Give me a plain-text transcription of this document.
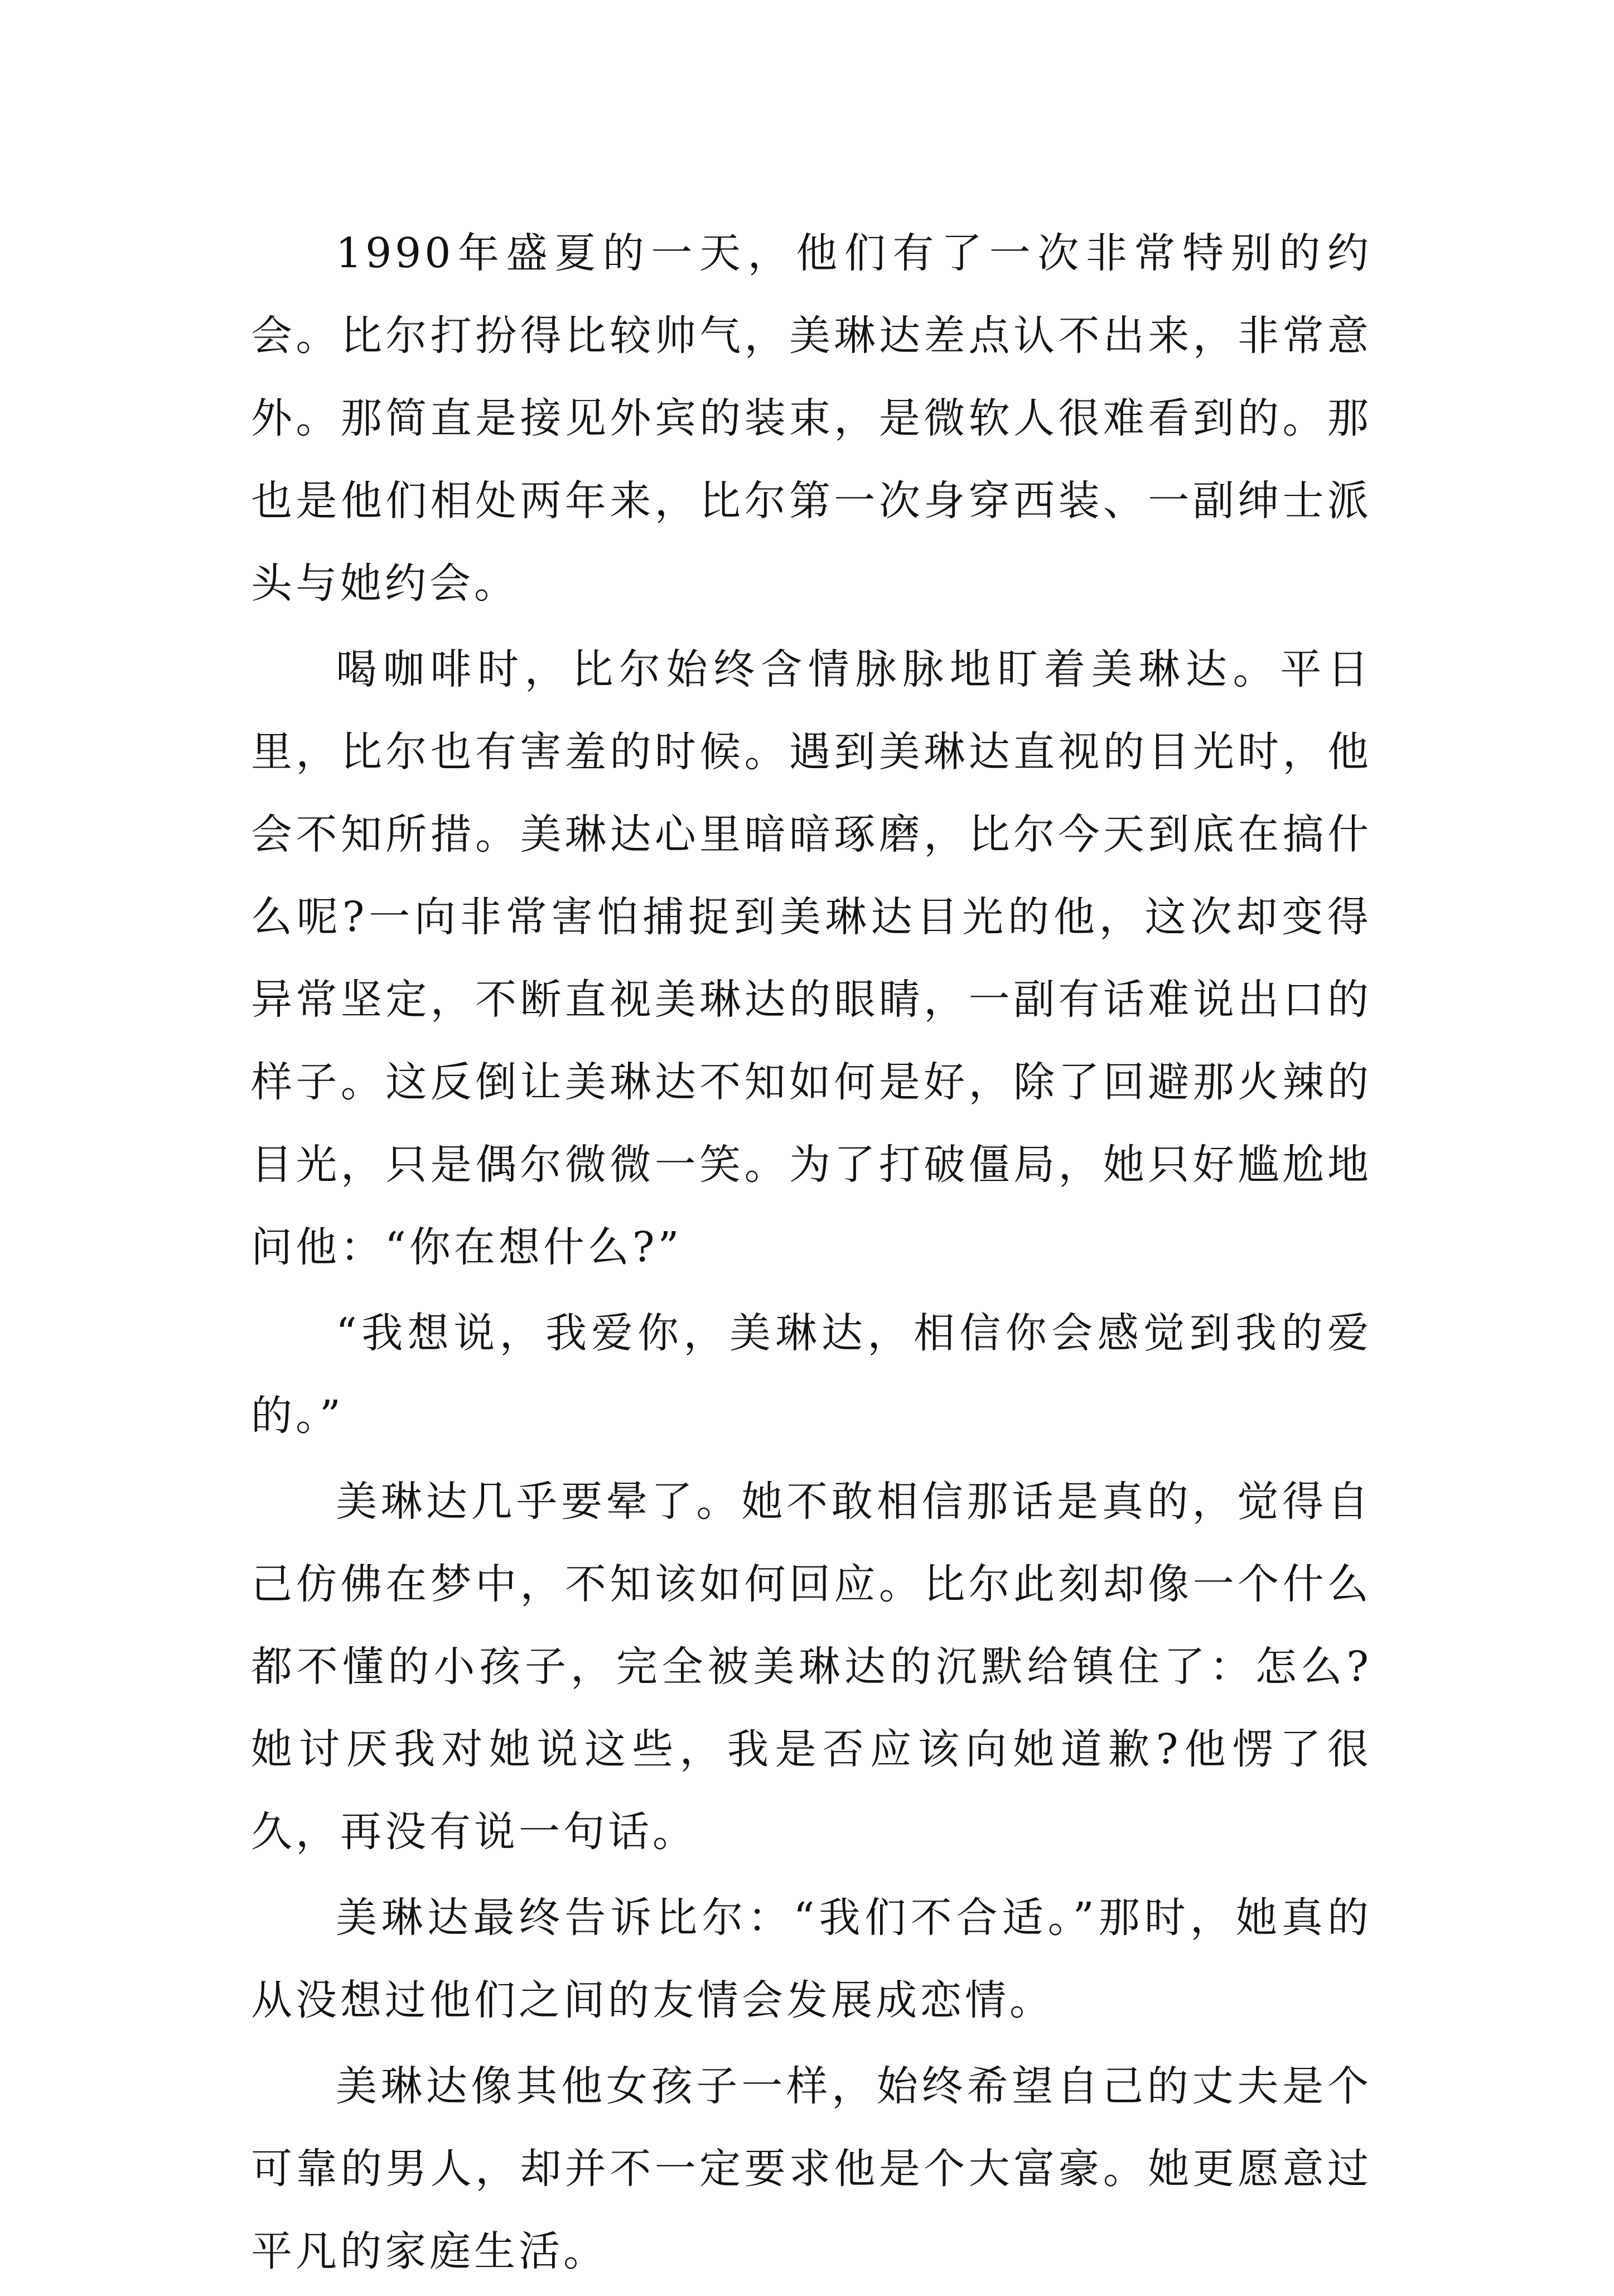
1990年盛夏的一天，他们有了一次非常特别的约会。比尔打扮得比较帅气，美琳达差点认不出来，非常意外。那简直是接见外宾的装束，是微软人很难看到的。那也是他们相处两年来，比尔第一次身穿西装、一副绅士派头与她约会。

喝咖啡时，比尔始终含情脉脉地盯着美琳达。平日里，比尔也有害羞的时候。遇到美琳达直视的目光时，他会不知所措。美琳达心里暗暗琢磨，比尔今天到底在搞什么呢?一向非常害怕捕捉到美琳达目光的他，这次却变得异常坚定，不断直视美琳达的眼睛，一副有话难说出口的样子。这反倒让美琳达不知如何是好，除了回避那火辣的目光，只是偶尔微微一笑。为了打破僵局，她只好尴尬地问他：“你在想什么?”

“我想说，我爱你，美琳达，相信你会感觉到我的爱的。”

美琳达几乎要晕了。她不敢相信那话是真的，觉得自己仿佛在梦中，不知该如何回应。比尔此刻却像一个什么都不懂的小孩子，完全被美琳达的沉默给镇住了：怎么?她讨厌我对她说这些，我是否应该向她道歉?他愣了很久，再没有说一句话。

美琳达最终告诉比尔：“我们不合适。”那时，她真的从没想过他们之间的友情会发展成恋情。

美琳达像其他女孩子一样，始终希望自己的丈夫是个可靠的男人，却并不一定要求他是个大富豪。她更愿意过平凡的家庭生活。
